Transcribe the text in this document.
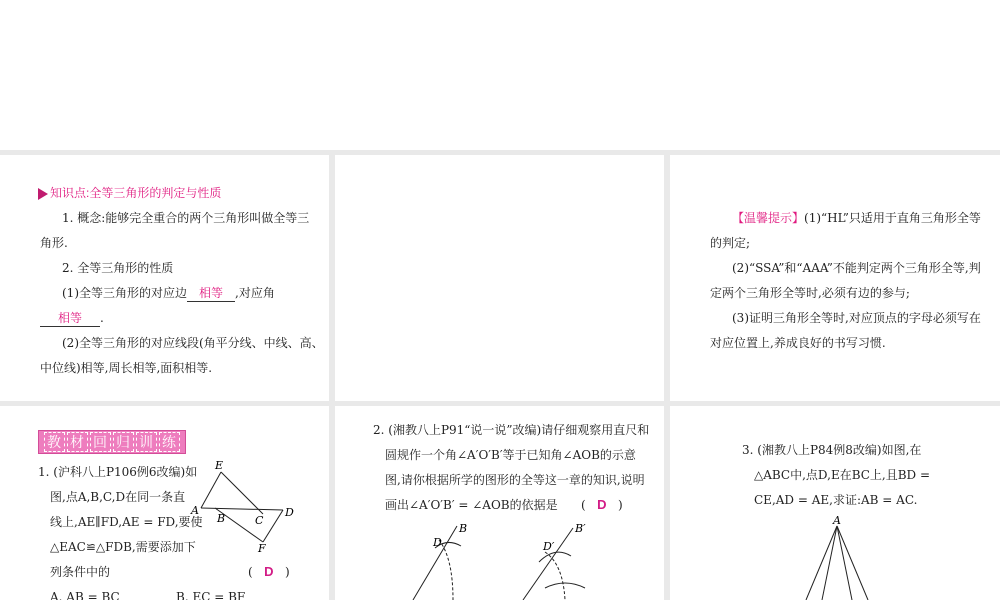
知识点:全等三角形的判定与性质
1. 概念:能够完全重合的两个三角形叫做全等三
角形.
2. 全等三角形的性质
(1)全等三角形的对应边 相等 ,对应角
相等 .
(2)全等三角形的对应线段(角平分线、中线、高、
中位线)相等,周长相等,面积相等.
【温馨提示】(1)“HL”只适用于直角三角形全等
的判定;
(2)“SSA”和“AAA”不能判定两个三角形全等,判
定两个三角形全等时,必须有边的参与;
(3)证明三角形全等时,对应顶点的字母必须写在
对应位置上,养成良好的书写习惯.
教 材 回 归 训 练
1. (沪科八上P106例6改编)如
图,点A,B,C,D在同一条直
线上,AE∥FD,AE = FD,要使
△EAC≌△FDB,需要添加下
列条件中的	(   D   )
A. AB = BC	B. EC = BF
E
A
B	C
D
F
2. (湘教八上P91“说一说”改编)请仔细观察用直尺和
圆规作一个角∠A′O′B′等于已知角∠AOB的示意
图,请你根据所学的图形的全等这一章的知识,说明
画出∠A′O′B′ = ∠AOB的依据是 (   D   )
B
D
B′
D′
3. (湘教八上P84例8改编)如图,在
△ABC中,点D,E在BC上,且BD =
CE,AD = AE,求证:AB = AC.
A
